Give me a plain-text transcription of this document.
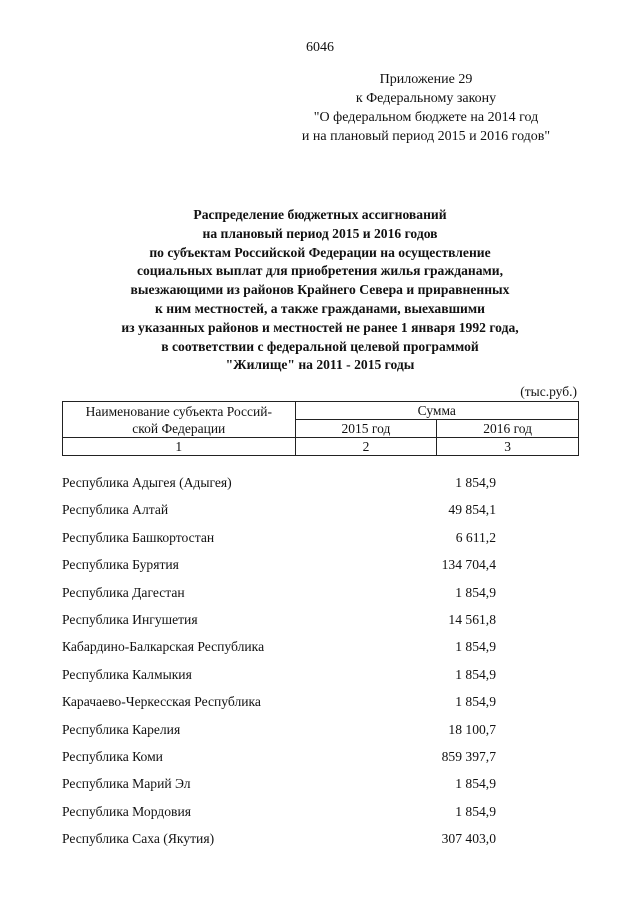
6046
Приложение 29
к Федеральному закону
"О федеральном бюджете на 2014 год
и на плановый период 2015 и 2016 годов"
Распределение бюджетных ассигнований
на плановый период 2015 и 2016 годов
по субъектам Российской Федерации на осуществление
социальных выплат для приобретения жилья гражданами,
выезжающими из районов Крайнего Севера и приравненных
к ним местностей, а также гражданами, выехавшими
из указанных районов и местностей не ранее 1 января 1992 года,
в соответствии с федеральной целевой программой
"Жилище" на 2011 - 2015 годы
(тыс.руб.)
Наименование субъекта Россий-
ской Федерации	Сумма	
	2015 год	2016 год
1	2	3
Республика Адыгея (Адыгея)	1 854,9
Республика Алтай	49 854,1
Республика Башкортостан	6 611,2
Республика Бурятия	134 704,4
Республика Дагестан	1 854,9
Республика Ингушетия	14 561,8
Кабардино-Балкарская Республика	1 854,9
Республика Калмыкия	1 854,9
Карачаево-Черкесская Республика	1 854,9
Республика Карелия	18 100,7
Республика Коми	859 397,7
Республика Марий Эл	1 854,9
Республика Мордовия	1 854,9
Республика Саха (Якутия)	307 403,0
